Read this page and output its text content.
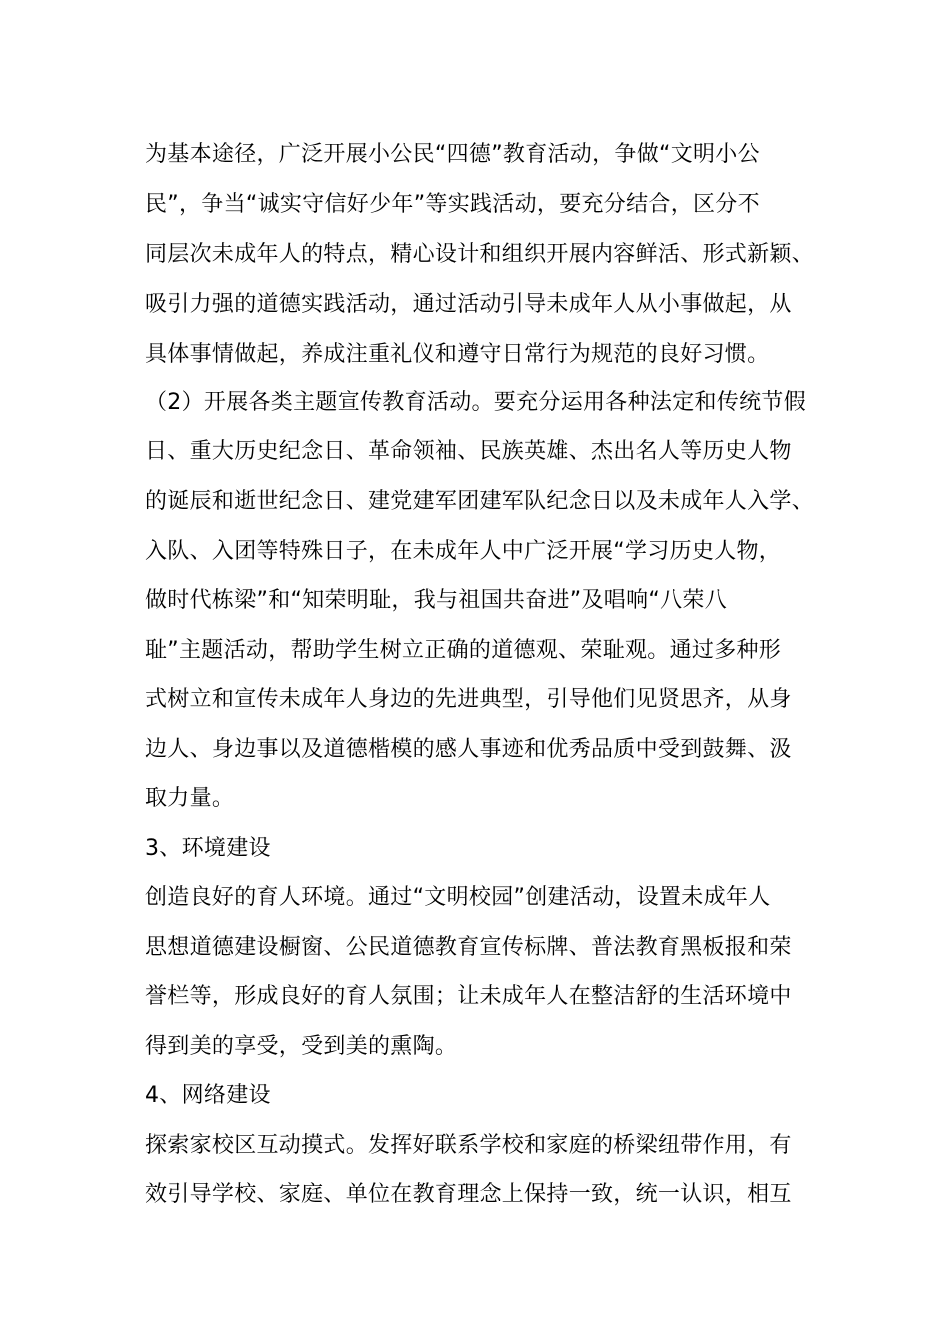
为基本途径，广泛开展小公民“四德”教育活动，争做“文明小公
民”，争当“诚实守信好少年”等实践活动，要充分结合，区分不
同层次未成年人的特点，精心设计和组织开展内容鲜活、形式新颖、
吸引力强的道德实践活动，通过活动引导未成年人从小事做起，从
具体事情做起，养成注重礼仪和遵守日常行为规范的良好习惯。
（2）开展各类主题宣传教育活动。要充分运用各种法定和传统节假
日、重大历史纪念日、革命领袖、民族英雄、杰出名人等历史人物
的诞辰和逝世纪念日、建党建军团建军队纪念日以及未成年人入学、
入队、入团等特殊日子，在未成年人中广泛开展“学习历史人物，
做时代栋梁”和“知荣明耻，我与祖国共奋进”及唱响“八荣八
耻”主题活动，帮助学生树立正确的道德观、荣耻观。通过多种形
式树立和宣传未成年人身边的先进典型，引导他们见贤思齐，从身
边人、身边事以及道德楷模的感人事迹和优秀品质中受到鼓舞、汲
取力量。
3、环境建设
创造良好的育人环境。通过“文明校园”创建活动，设置未成年人
思想道德建设橱窗、公民道德教育宣传标牌、普法教育黑板报和荣
誉栏等，形成良好的育人氛围；让未成年人在整洁舒的生活环境中
得到美的享受，受到美的熏陶。
4、网络建设
探索家校区互动摸式。发挥好联系学校和家庭的桥梁纽带作用，有
效引导学校、家庭、单位在教育理念上保持一致，统一认识，相互
